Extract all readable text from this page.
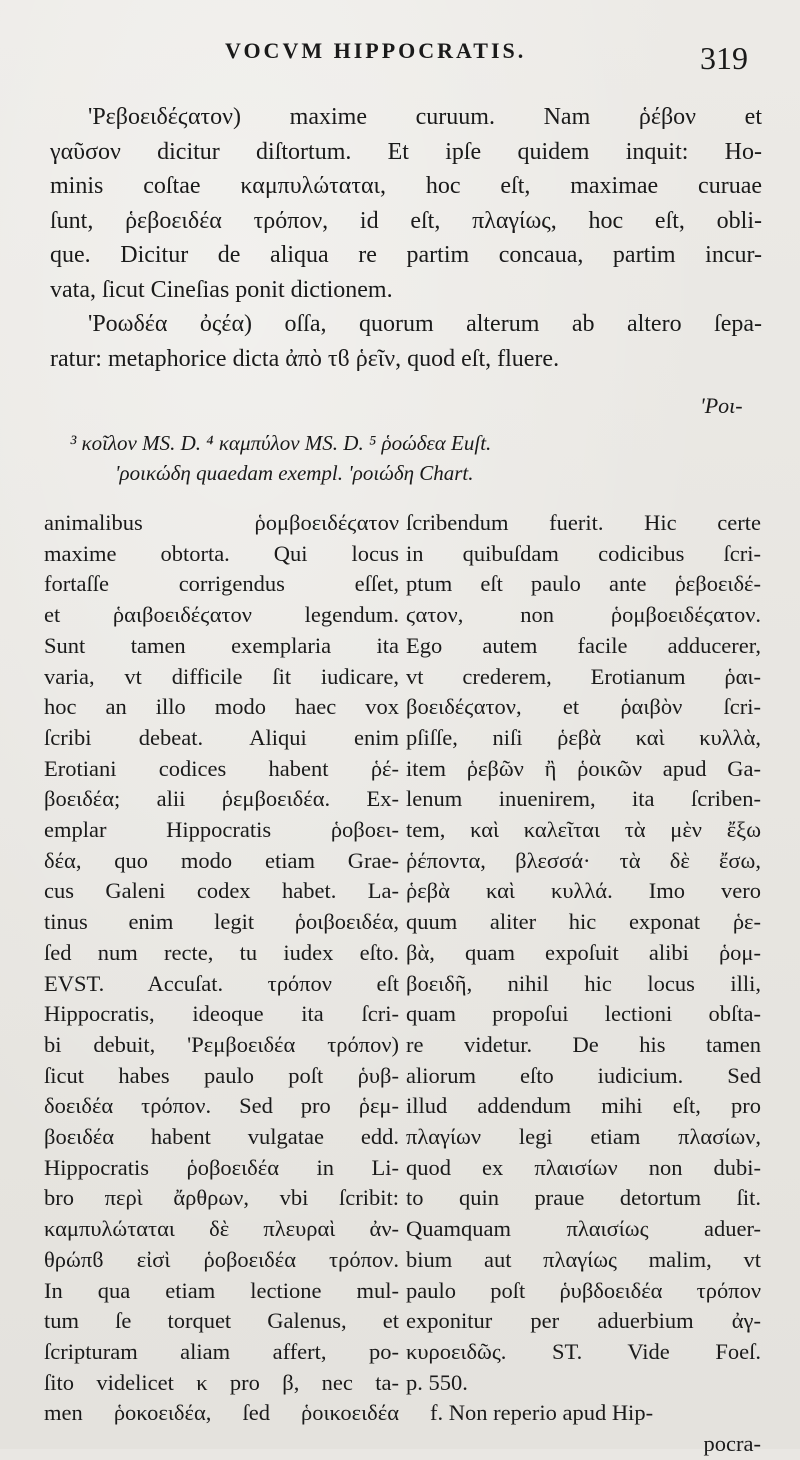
VOCVM HIPPOCRATIS.	319
'Ρεβοειδέϛατον) maxime curuum. Nam ῥέβον et
γαῦσον dicitur diſtortum. Et ipſe quidem inquit: Ho-
minis coſtae καμπυλώταται, hoc eſt, maximae curuae
ſunt, ῥεβοειδέα τρόπον, id eſt, πλαγίως, hoc eſt, obli-
que. Dicitur de aliqua re partim concaua, partim incur-
vata, ſicut Cineſias ponit dictionem.
'Ροωδέα ὀςέα) oſſa, quorum alterum ab altero ſepa-
ratur: metaphorice dicta ἀπὸ τϐ ῥεῖν, quod eſt, fluere.
'Ροι-
³ κοῖλον MS. D. ⁴ καμπύλον MS. D. ⁵ ῥοώδεα Euſt.
'ροικώδη quaedam exempl. 'ροιώδη Chart.
animalibus ῥομβοειδέϛατον
maxime obtorta. Qui locus
fortaſſe corrigendus eſſet,
et ῥαιβοειδέϛατον legendum.
Sunt tamen exemplaria ita
varia, vt difficile ſit iudicare,
hoc an illo modo haec vox
ſcribi debeat. Aliqui enim
Erotiani codices habent ῥέ-
βοειδέα; alii ῥεμβοειδέα. Ex-
emplar Hippocratis ῥοβοει-
δέα, quo modo etiam Grae-
cus Galeni codex habet. La-
tinus enim legit ῥοιβοειδέα,
ſed num recte, tu iudex eſto.
EVST. Accuſat. τρόπον eſt
Hippocratis, ideoque ita ſcri-
bi debuit, 'Ρεμβοειδέα τρόπον)
ſicut habes paulo poſt ῥυβ-
δοειδέα τρόπον. Sed pro ῥεμ-
βοειδέα habent vulgatae edd.
Hippocratis ῥοβοειδέα in Li-
bro περὶ ἄρθρων, vbi ſcribit:
καμπυλώταται δὲ πλευραὶ ἀν-
θρώπϐ εἰσὶ ῥοβοειδέα τρόπον.
In qua etiam lectione mul-
tum ſe torquet Galenus, et
ſcripturam aliam affert, po-
ſito videlicet κ pro β, nec ta-
men ῥοκοειδέα, ſed ῥοικοειδέα
ſcribendum fuerit. Hic certe
in quibuſdam codicibus ſcri-
ptum eſt paulo ante ῥεβοειδέ-
ϛατον, non ῥομβοειδέϛατον.
Ego autem facile adducerer,
vt crederem, Erotianum ῥαι-
βοειδέϛατον, et ῥαιβὸν ſcri-
pſiſſe, niſi ῥεβὰ καὶ κυλλὰ,
item ῥεβῶν ἢ ῥοικῶν apud Ga-
lenum inuenirem, ita ſcriben-
tem, καὶ καλεῖται τὰ μὲν ἔξω
ῥέποντα, βλεσσά· τὰ δὲ ἔσω,
ῥεβὰ καὶ κυλλά. Imo vero
quum aliter hic exponat ῥε-
βὰ, quam expoſuit alibi ῥομ-
βοειδῆ, nihil hic locus illi,
quam propoſui lectioni obſta-
re videtur. De his tamen
aliorum eſto iudicium. Sed
illud addendum mihi eſt, pro
πλαγίων legi etiam πλασίων,
quod ex πλαισίων non dubi-
to quin praue detortum ſit.
Quamquam πλαισίως aduer-
bium aut πλαγίως malim, vt
paulo poſt ῥυβδοειδέα τρόπον
exponitur per aduerbium ἀγ-
κυροειδῶς. ST. Vide Foeſ.
p. 550.
f. Non reperio apud Hip-
pocra-
